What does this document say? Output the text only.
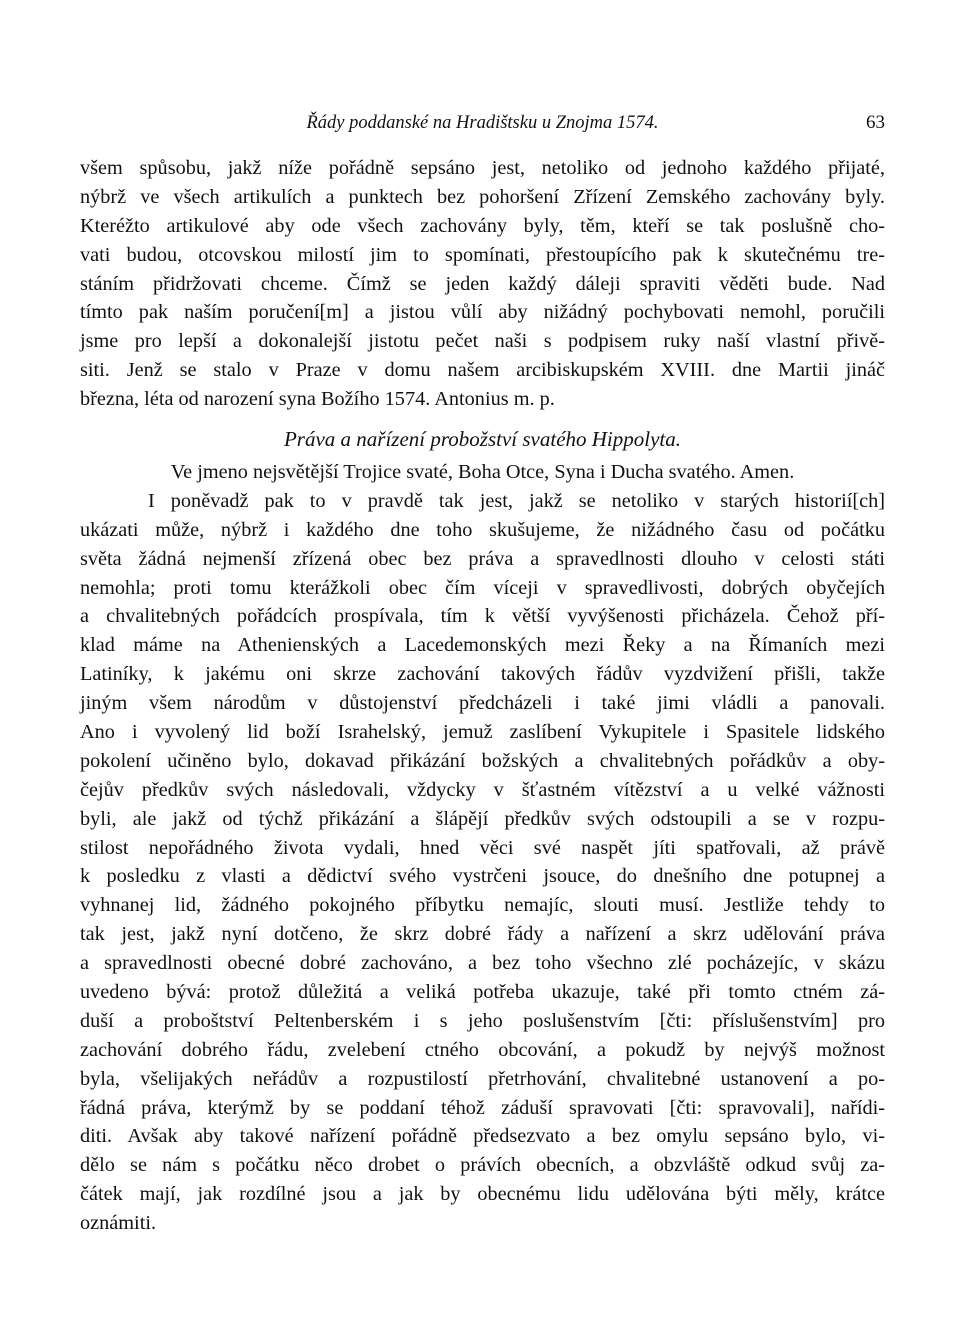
Řády poddanské na Hradištsku u Znojma 1574.	63
všem spůsobu, jakž níže pořádně sepsáno jest, netoliko od jednoho každého přijaté,
nýbrž ve všech artikulích a punktech bez pohoršení Zřízení Zemského zachovány byly.
Kteréžto artikulové aby ode všech zachovány byly, těm, kteří se tak poslušně cho-
vati budou, otcovskou milostí jim to spomínati, přestoupícího pak k skutečnému tre-
stáním přidržovati chceme. Čímž se jeden každý dáleji spraviti věděti bude. Nad
tímto pak naším poručení[m] a jistou vůlí aby nižádný pochybovati nemohl, poručili
jsme pro lepší a dokonalejší jistotu pečet naši s podpisem ruky naší vlastní přivě-
siti. Jenž se stalo v Praze v domu našem arcibiskupském XVIII. dne Martii jináč
března, léta od narození syna Božího 1574. Antonius m. p.
Práva a nařízení probožství svatého Hippolyta.
Ve jmeno nejsvětější Trojice svaté, Boha Otce, Syna i Ducha svatého. Amen.
I poněvadž pak to v pravdě tak jest, jakž se netoliko v starých historií[ch]
ukázati může, nýbrž i každého dne toho skušujeme, že nižádného času od počátku
světa žádná nejmenší zřízená obec bez práva a spravedlnosti dlouho v celosti státi
nemohla; proti tomu kterážkoli obec čím víceji v spravedlivosti, dobrých obyčejích
a chvalitebných pořádcích prospívala, tím k větší vyvýšenosti přicházela. Čehož pří-
klad máme na Athenienských a Lacedemonských mezi Řeky a na Římaních mezi
Latiníky, k jakému oni skrze zachování takových řádův vyzdvižení přišli, takže
jiným všem národům v důstojenství předcházeli i také jimi vládli a panovali.
Ano i vyvolený lid boží Israhelský, jemuž zaslíbení Vykupitele i Spasitele lidského
pokolení učiněno bylo, dokavad přikázání božských a chvalitebných pořádkův a oby-
čejův předkův svých následovali, vždycky v šťastném vítězství a u velké vážnosti
byli, ale jakž od týchž přikázání a šlápějí předkův svých odstoupili a se v rozpu-
stilost nepořádného života vydali, hned věci své naspět jíti spatřovali, až právě
k posledku z vlasti a dědictví svého vystrčeni jsouce, do dnešního dne potupnej a
vyhnanej lid, žádného pokojného příbytku nemajíc, slouti musí. Jestliže tehdy to
tak jest, jakž nyní dotčeno, že skrz dobré řády a nařízení a skrz udělování práva
a spravedlnosti obecné dobré zachováno, a bez toho všechno zlé pocházejíc, v skázu
uvedeno bývá: protož důležitá a veliká potřeba ukazuje, také při tomto ctném zá-
duší a proboštství Peltenberském i s jeho poslušenstvím [čti: příslušenstvím] pro
zachování dobrého řádu, zvelebení ctného obcování, a pokudž by nejvýš možnost
byla, všelijakých neřádův a rozpustilostí přetrhování, chvalitebné ustanovení a po-
řádná práva, kterýmž by se poddaní téhož záduší spravovati [čti: spravovali], nařídi-
diti. Avšak aby takové nařízení pořádně předsezvato a bez omylu sepsáno bylo, vi-
dělo se nám s počátku něco drobet o právích obecních, a obzvláště odkud svůj za-
čátek mají, jak rozdílné jsou a jak by obecnému lidu udělována býti měly, krátce
oznámiti.
